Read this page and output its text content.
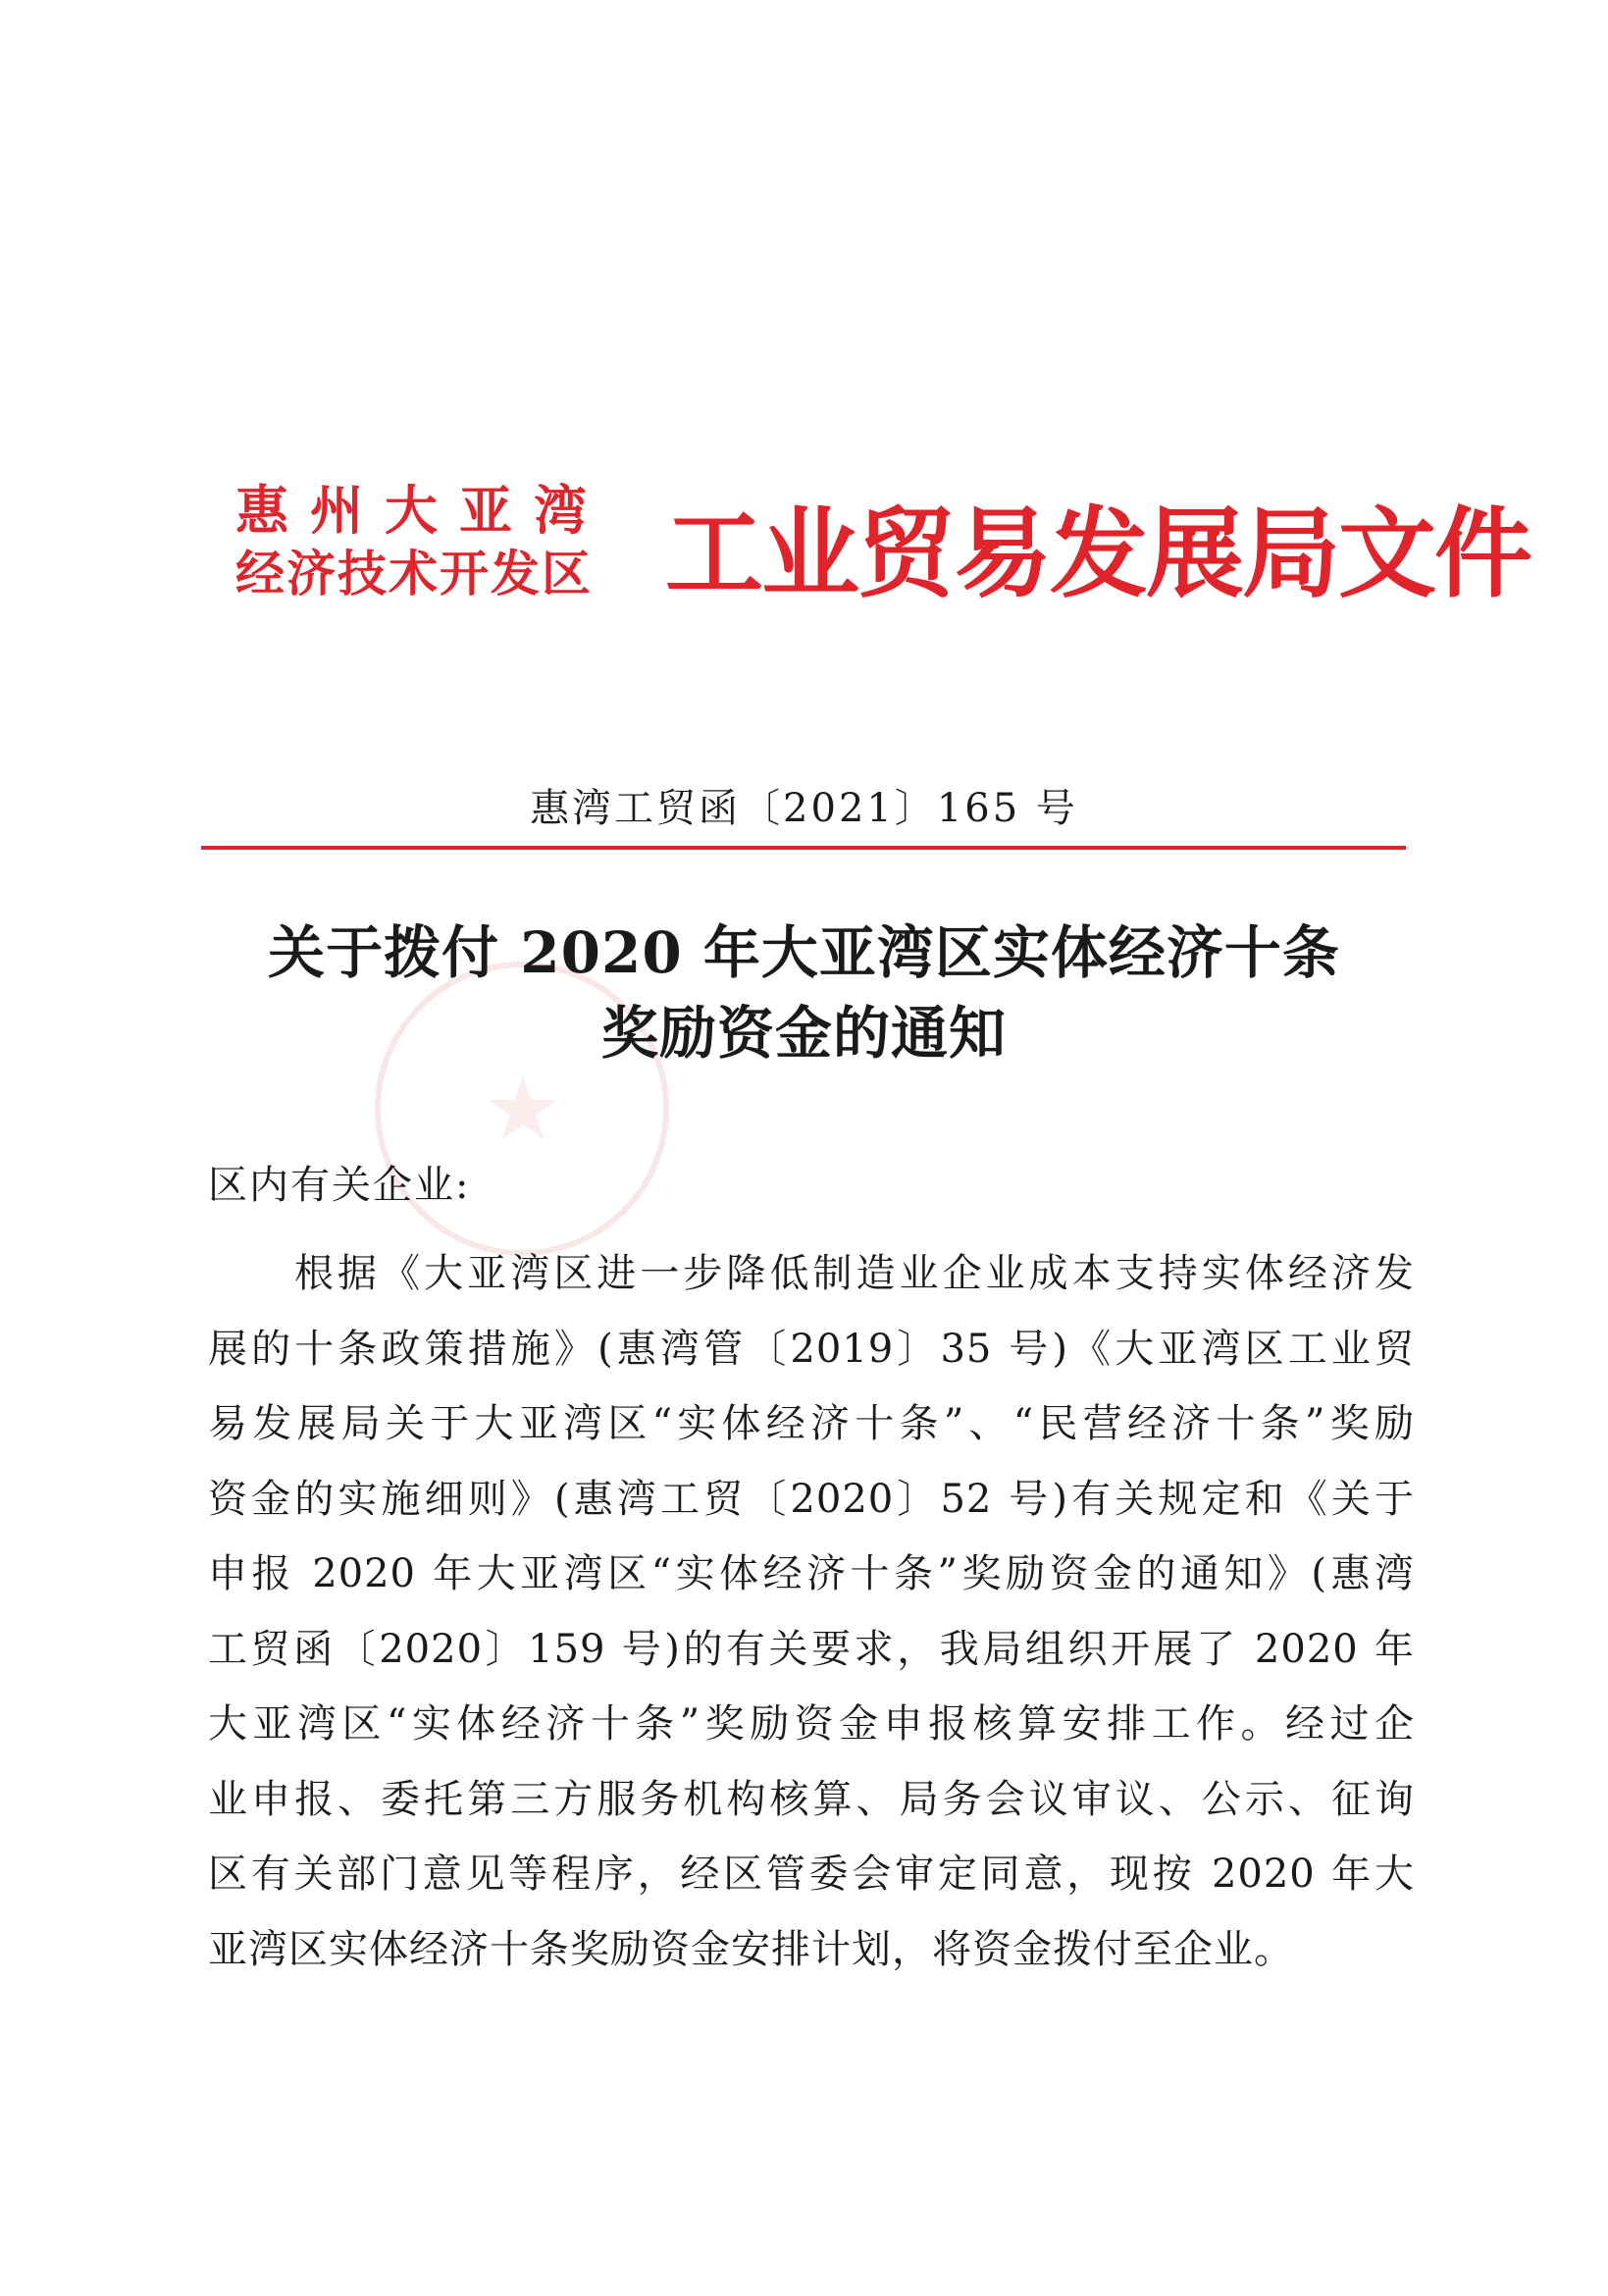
惠州大亚湾
经济技术开发区 工业贸易发展局文件
惠湾工贸函〔2021〕165 号
★
关于拨付 2020 年大亚湾区实体经济十条
奖励资金的通知
区内有关企业:
根据《大亚湾区进一步降低制造业企业成本支持实体经济发
展的十条政策措施》(惠湾管〔2019〕35 号)《大亚湾区工业贸
易发展局关于大亚湾区“实体经济十条”、“民营经济十条”奖励
资金的实施细则》(惠湾工贸〔2020〕52 号)有关规定和《关于
申报 2020 年大亚湾区“实体经济十条”奖励资金的通知》(惠湾
工贸函〔2020〕159 号)的有关要求，我局组织开展了 2020 年
大亚湾区“实体经济十条”奖励资金申报核算安排工作。经过企
业申报、委托第三方服务机构核算、局务会议审议、公示、征询
区有关部门意见等程序，经区管委会审定同意，现按 2020 年大
亚湾区实体经济十条奖励资金安排计划，将资金拨付至企业。
